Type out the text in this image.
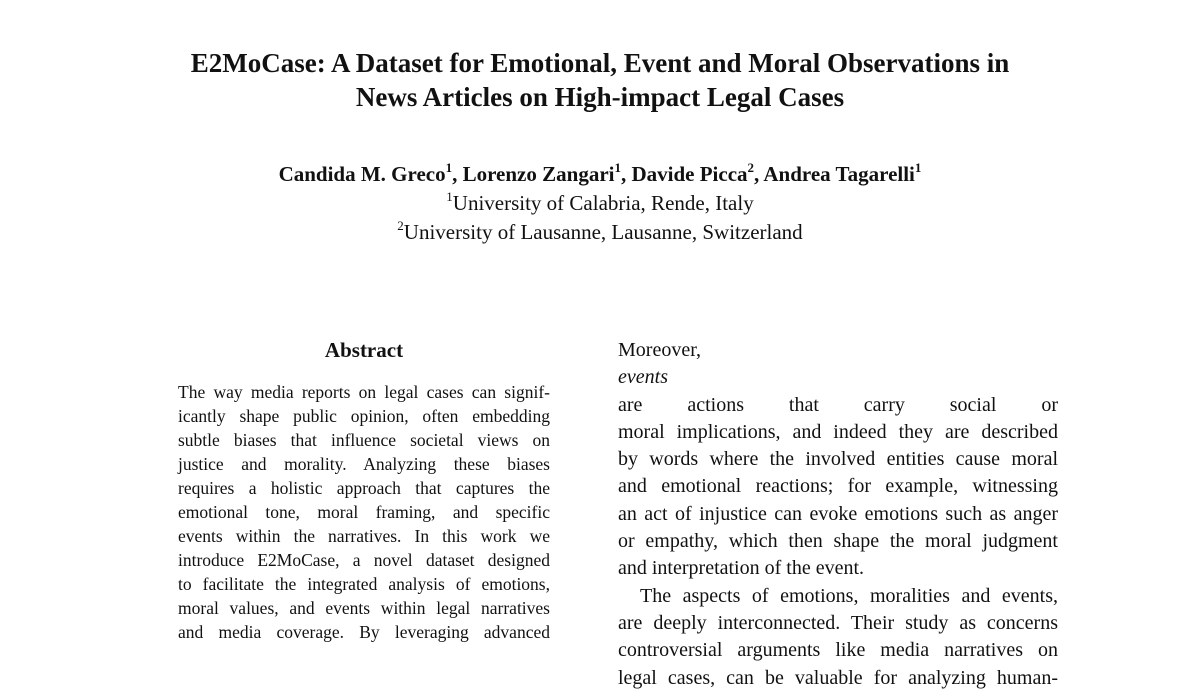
E2MoCase: A Dataset for Emotional, Event and Moral Observations in
News Articles on High-impact Legal Cases
Candida M. Greco$^1$, Lorenzo Zangari$^1$, Davide Picca$^2$, Andrea Tagarelli$^1$
$^1$University of Calabria, Rende, Italy
$^2$University of Lausanne, Lausanne, Switzerland
Abstract
The way media reports on legal cases can signif-
icantly shape public opinion, often embedding
subtle biases that influence societal views on
justice and morality. Analyzing these biases
requires a holistic approach that captures the
emotional tone, moral framing, and specific
events within the narratives. In this work we
introduce E2MoCase, a novel dataset designed
to facilitate the integrated analysis of emotions,
moral values, and events within legal narratives
and media coverage. By leveraging advanced
Moreover,
events
are actions that carry social or
moral implications, and indeed they are described
by words where the involved entities cause moral
and emotional reactions; for example, witnessing
an act of injustice can evoke emotions such as anger
or empathy, which then shape the moral judgment
and interpretation of the event.
The aspects of emotions, moralities and events,
are deeply interconnected. Their study as concerns
controversial arguments like media narratives on
legal cases, can be valuable for analyzing human-
